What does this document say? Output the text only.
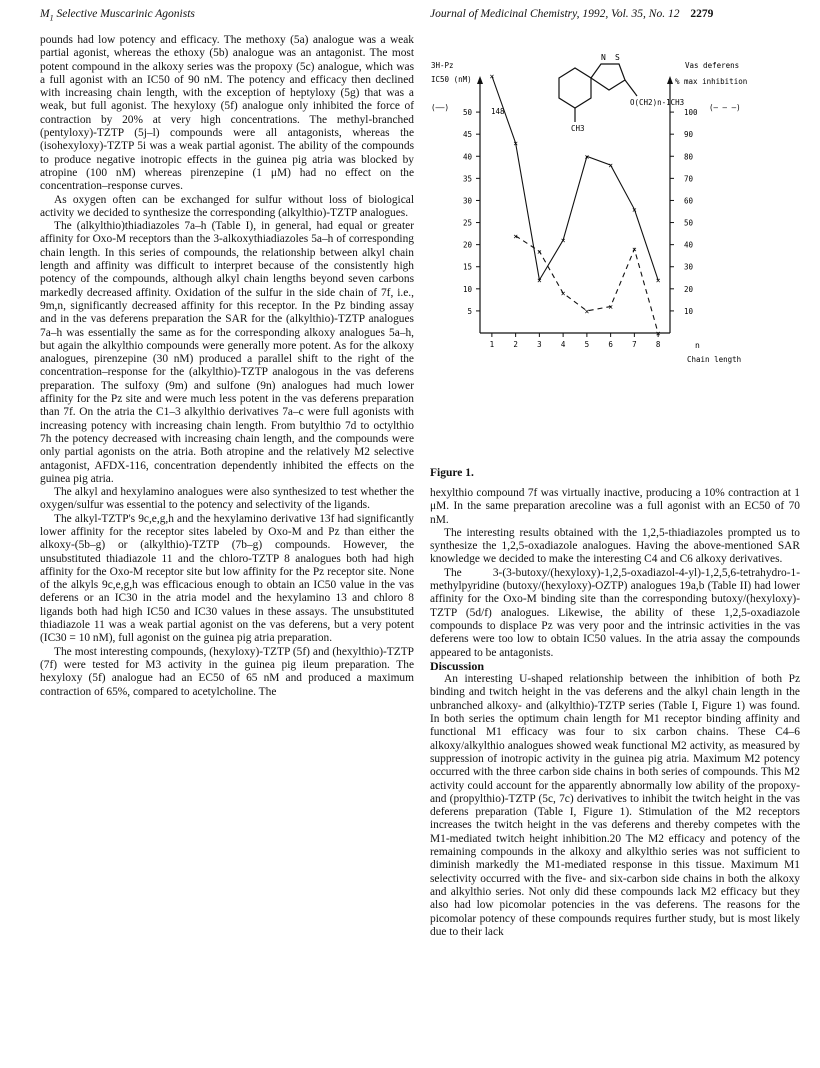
$M_1$ Selective Muscarinic Agonists	Journal of Medicinal Chemistry, 1992, Vol. 35, No. 12 2279

pounds had low potency and efficacy. The methoxy (5a) analogue was a weak partial agonist, whereas the ethoxy (5b) analogue was an antagonist. The most potent compound in the alkoxy series was the propoxy (5c) analogue, which was a full agonist with an IC50 of 90 nM. The potency and efficacy then declined with increasing chain length, with the exception of heptyloxy (5g) that was a weak, but full agonist. The hexyloxy (5f) analogue only inhibited the force of contraction by 20% at very high concentrations. The methyl-branched (pentyloxy)-TZTP (5j–l) compounds were all antagonists, whereas the (isohexyloxy)-TZTP 5i was a weak partial agonist. The ability of the compounds to produce negative inotropic effects in the guinea pig atria was blocked by atropine (100 nM) whereas pirenzepine (1 μM) had no effect on the concentration–response curves.

As oxygen often can be exchanged for sulfur without loss of biological activity we decided to synthesize the corresponding (alkylthio)-TZTP analogues.

The (alkylthio)thiadiazoles 7a–h (Table I), in general, had equal or greater affinity for Oxo-M receptors than the 3-alkoxythiadiazoles 5a–h of corresponding chain length. In this series of compounds, the relationship between alkyl chain length and affinity was difficult to interpret because of the consistently high potency of the compounds, although alkyl chain lengths beyond seven carbons markedly decreased affinity. Oxidation of the sulfur in the side chain of 7f, i.e., 9m,n, significantly decreased affinity for this receptor. In the Pz binding assay and in the vas deferens preparation the SAR for the (alkylthio)-TZTP analogues 7a–h was essentially the same as for the corresponding alkoxy analogues 5a–h, but again the alkylthio compounds were generally more potent. As for the alkoxy analogues, pirenzepine (30 nM) produced a parallel shift to the right of the concentration–response for the (alkylthio)-TZTP analogous in the vas deferens preparation. The sulfoxy (9m) and sulfone (9n) analogues had much lower affinity for the Pz site and were much less potent in the vas deferens preparation than 7f. On the atria the C1–3 alkylthio derivatives 7a–c were full agonists with increasing potency with increasing chain length. From butylthio 7d to octylthio 7h the potency decreased with increasing chain length, and the compounds were only partial agonists on the atria. Both atropine and the relatively M2 selective antagonist, AFDX-116, concentration dependently inhibited the effects on the guinea pig atria.

The alkyl and hexylamino analogues were also synthesized to test whether the oxygen/sulfur was essential to the potency and selectivity of the ligands.

The alkyl-TZTP's 9c,e,g,h and the hexylamino derivative 13f had significantly lower affinity for the receptor sites labeled by Oxo-M and Pz than either the alkoxy-(5b–g) or (alkylthio)-TZTP (7b–g) compounds. However, the unsubstituted thiadiazole 11 and the chloro-TZTP 8 analogues both had high affinity for the Oxo-M receptor site but low affinity for the Pz receptor site. None of the alkyls 9c,e,g,h was efficacious enough to obtain an IC50 value in the vas deferens or an IC30 in the atria model and the hexylamino 13 and chloro 8 ligands both had high IC50 and IC30 values in these assays. The unsubstituted thiadiazole 11 was a weak partial agonist on the vas deferens, but a very potent (IC30 = 10 nM), full agonist on the guinea pig atria preparation.

The most interesting compounds, (hexyloxy)-TZTP (5f) and (hexylthio)-TZTP (7f) were tested for M3 activity in the guinea pig ileum preparation. The hexyloxy (5f) analogue had an EC50 of 65 nM and produced a maximum contraction of 65%, compared to acetylcholine. The

N S
O(CH2)n-1CH3
CH3
3H-Pz
IC50 (nM)
(——)
Vas deferens
% max inhibition
(— — —)
n
Chain length
148
5
10
15
20
25
30
35
40
45
50
10
20
30
40
50
60
70
80
90
100
1	2	3	4	5	6	7	8
×
×
×
×
×
×
×
×
×
×
×
× ×
×
×
Figure 1.

hexylthio compound 7f was virtually inactive, producing a 10% contraction at 1 μM. In the same preparation arecoline was a full agonist with an EC50 of 70 nM.

The interesting results obtained with the 1,2,5-thiadiazoles prompted us to synthesize the 1,2,5-oxadiazole analogues. Having the above-mentioned SAR knowledge we decided to make the interesting C4 and C6 alkoxy derivatives.

The 3-(3-butoxy/(hexyloxy)-1,2,5-oxadiazol-4-yl)-1,2,5,6-tetrahydro-1-methylpyridine (butoxy/(hexyloxy)-OZTP) analogues 19a,b (Table II) had lower affinity for the Oxo-M binding site than the corresponding butoxy/(hexyloxy)-TZTP (5d/f) analogues. Likewise, the ability of these 1,2,5-oxadiazole compounds to displace Pz was very poor and the intrinsic activities in the vas deferens were too low to obtain IC50 values. In the atria assay the compounds appeared to be antagonists.

Discussion

An interesting U-shaped relationship between the inhibition of both Pz binding and twitch height in the vas deferens and the alkyl chain length in the unbranched alkoxy- and (alkylthio)-TZTP series (Table I, Figure 1) was found. In both series the optimum chain length for M1 receptor binding affinity and functional M1 efficacy was four to six carbon chains. These C4–6 alkoxy/alkylthio analogues showed weak functional M2 activity, as measured by suppression of inotropic activity in the guinea pig atria. Maximum M2 potency occurred with the three carbon side chains in both series of compounds. This M2 activity could account for the apparently abnormally low ability of the propoxy- and (propylthio)-TZTP (5c, 7c) derivatives to inhibit the twitch height in the vas deferens preparation (Table I, Figure 1). Stimulation of the M2 receptors increases the twitch height in the vas deferens and thereby competes with the M1-mediated twitch height inhibition.20 The M2 efficacy and potency of the remaining compounds in the alkoxy and alkylthio series was not sufficient to diminish markedly the M1-mediated response in this tissue. Maximum M1 selectivity occurred with the five- and six-carbon side chains in both the alkoxy and alkylthio series. Not only did these compounds lack M2 efficacy but they also had low picomolar potencies in the vas deferens. The reasons for the picomolar potency of these compounds requires further study, but is most likely due to their lack
